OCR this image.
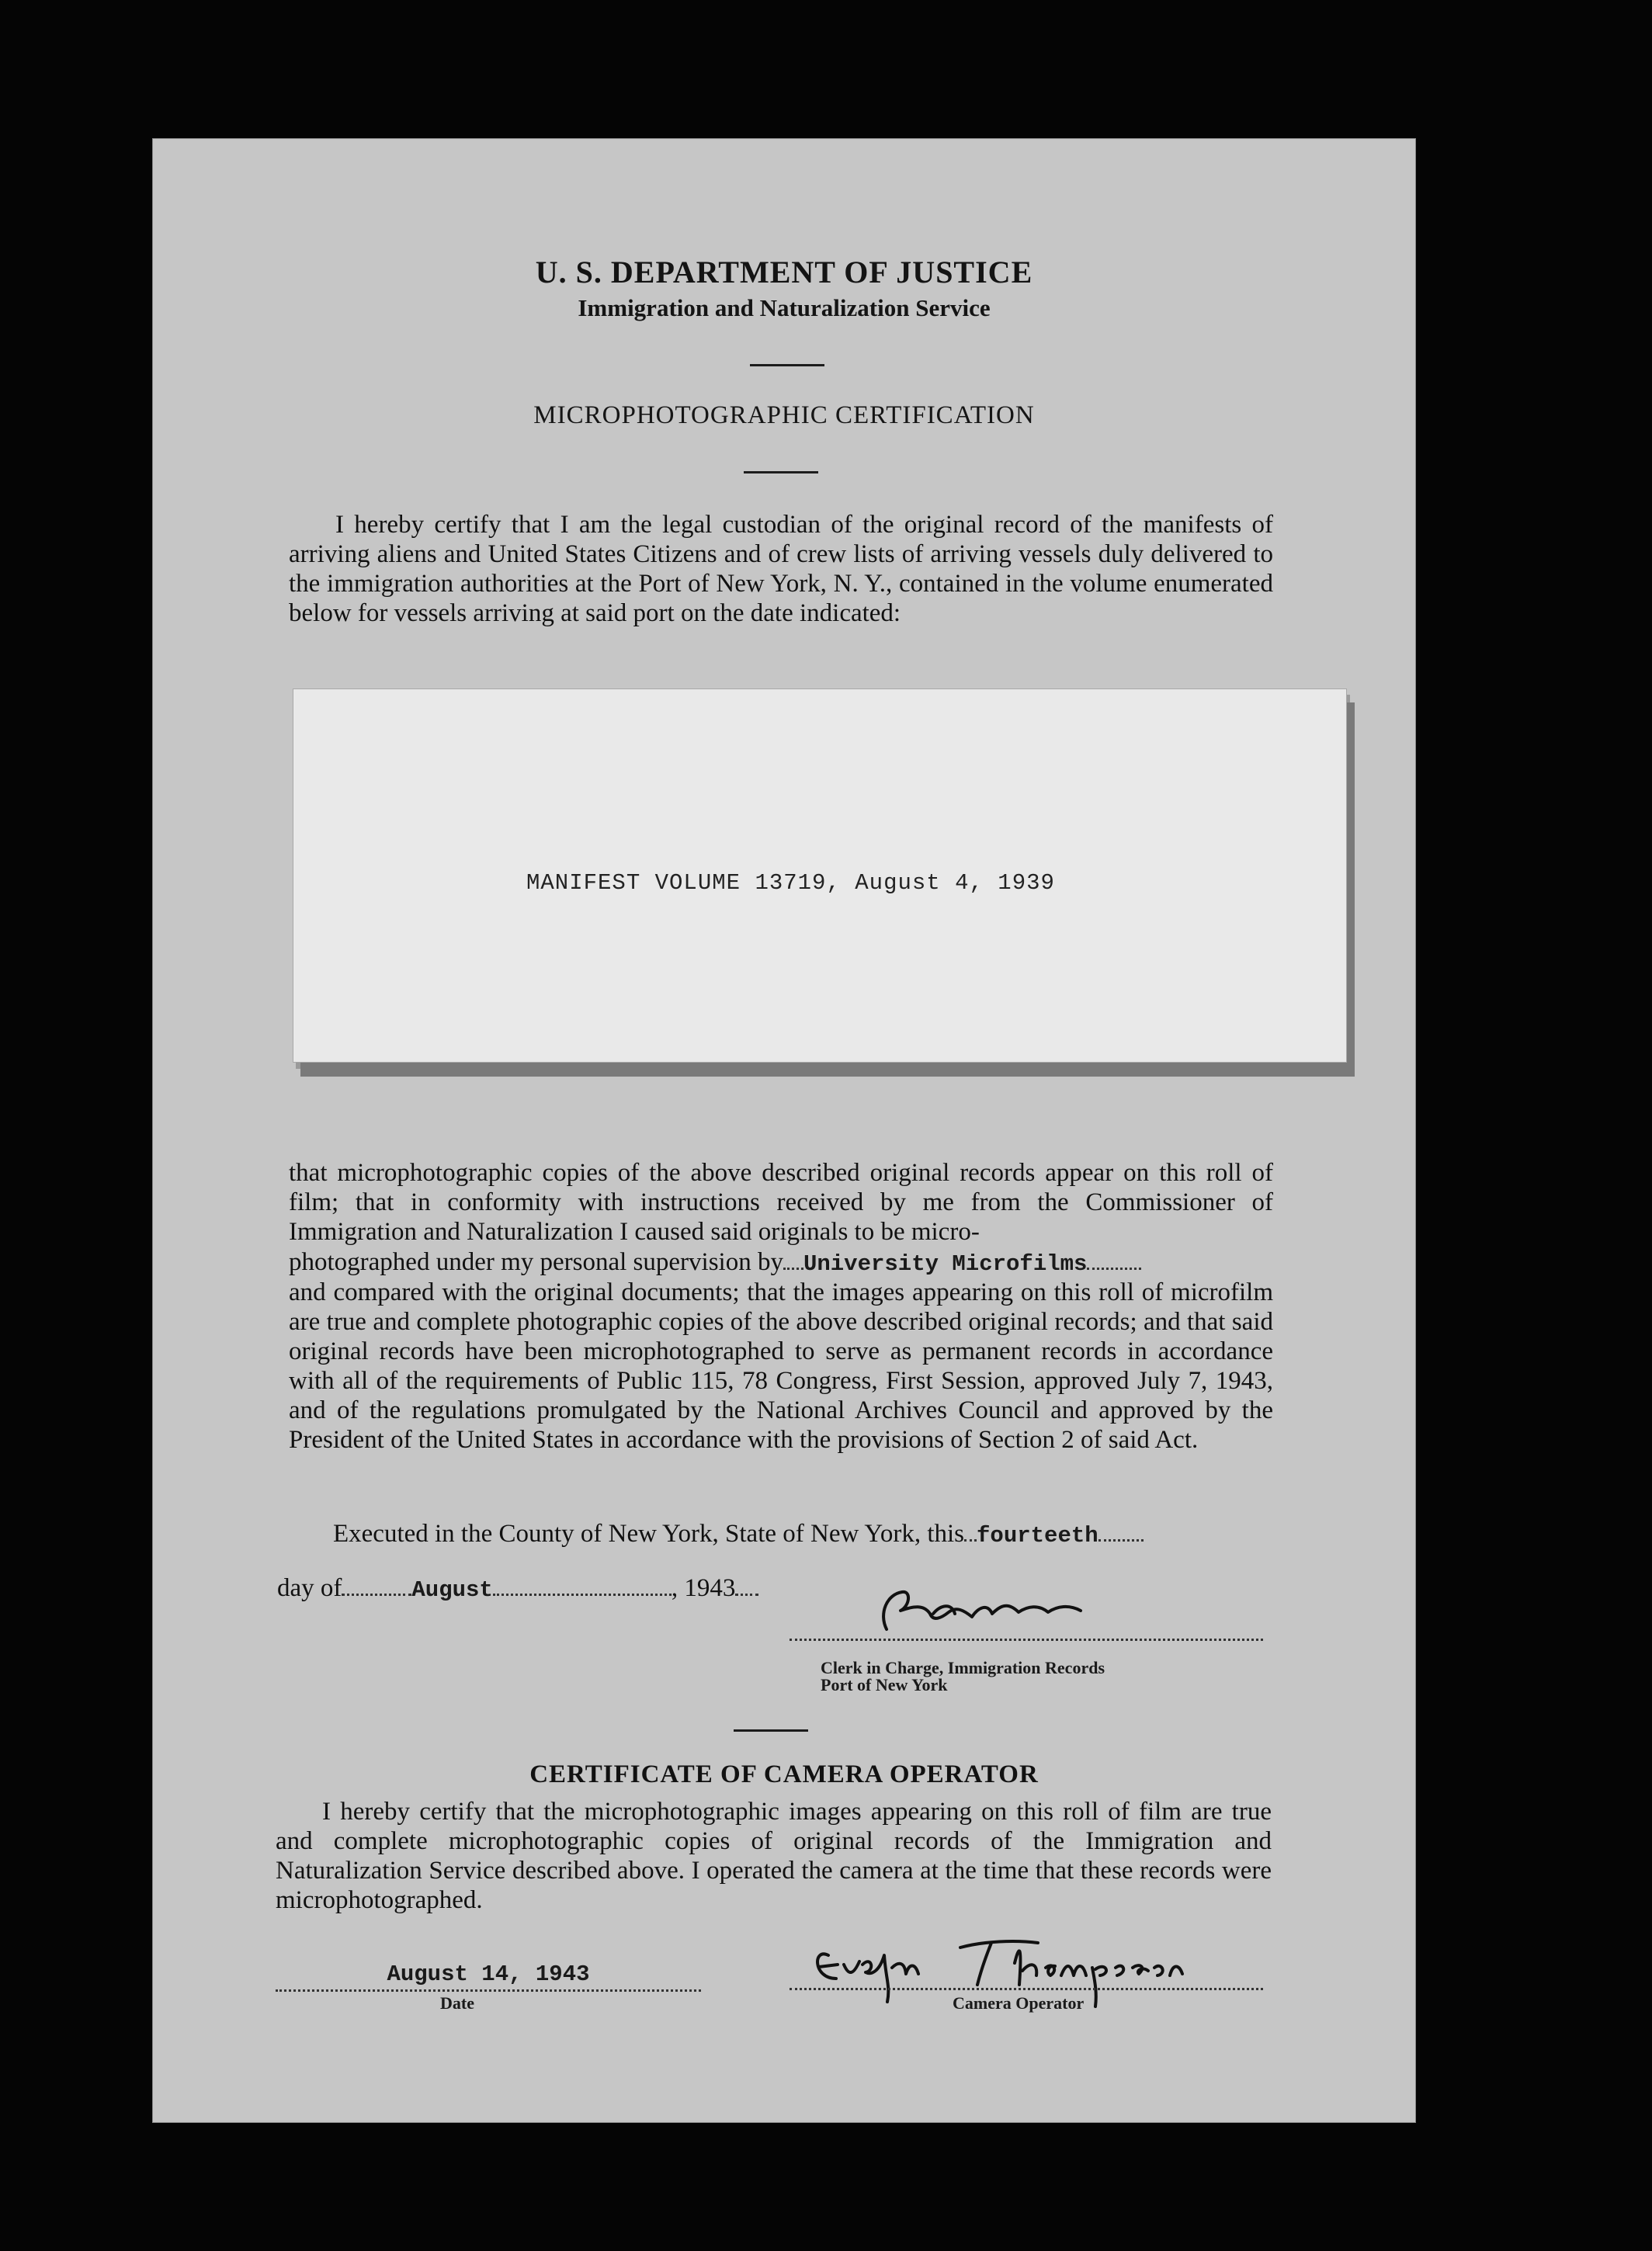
U. S. DEPARTMENT OF JUSTICE
Immigration and Naturalization Service
MICROPHOTOGRAPHIC CERTIFICATION
I hereby certify that I am the legal custodian of the original record of the manifests of arriving aliens and United States Citizens and of crew lists of arriving vessels duly delivered to the immigration authorities at the Port of New York, N. Y., contained in the volume enumerated below for vessels arriving at said port on the date indicated:
MANIFEST VOLUME 13719, August 4, 1939
that microphotographic copies of the above described original records appear on this roll of film; that in conformity with instructions received by me from the Commissioner of Immigration and Naturalization I caused said originals to be micro-
photographed under my personal supervision by University Microfilms
and compared with the original documents; that the images appearing on this roll of microfilm are true and complete photographic copies of the above described original records; and that said original records have been microphotographed to serve as permanent records in accordance with all of the requirements of Public 115, 78 Congress, First Session, approved July 7, 1943, and of the regulations promulgated by the National Archives Council and approved by the President of the United States in accordance with the provisions of Section 2 of said Act.
Executed in the County of New York, State of New York, this fourteeth
day of	August	, 1943
Clerk in Charge, Immigration Records
Port of New York
CERTIFICATE OF CAMERA OPERATOR
I hereby certify that the microphotographic images appearing on this roll of film are true and complete microphotographic copies of original records of the Immigration and Naturalization Service described above. I operated the camera at the time that these records were microphotographed.
August 14, 1943
Date	Camera Operator
